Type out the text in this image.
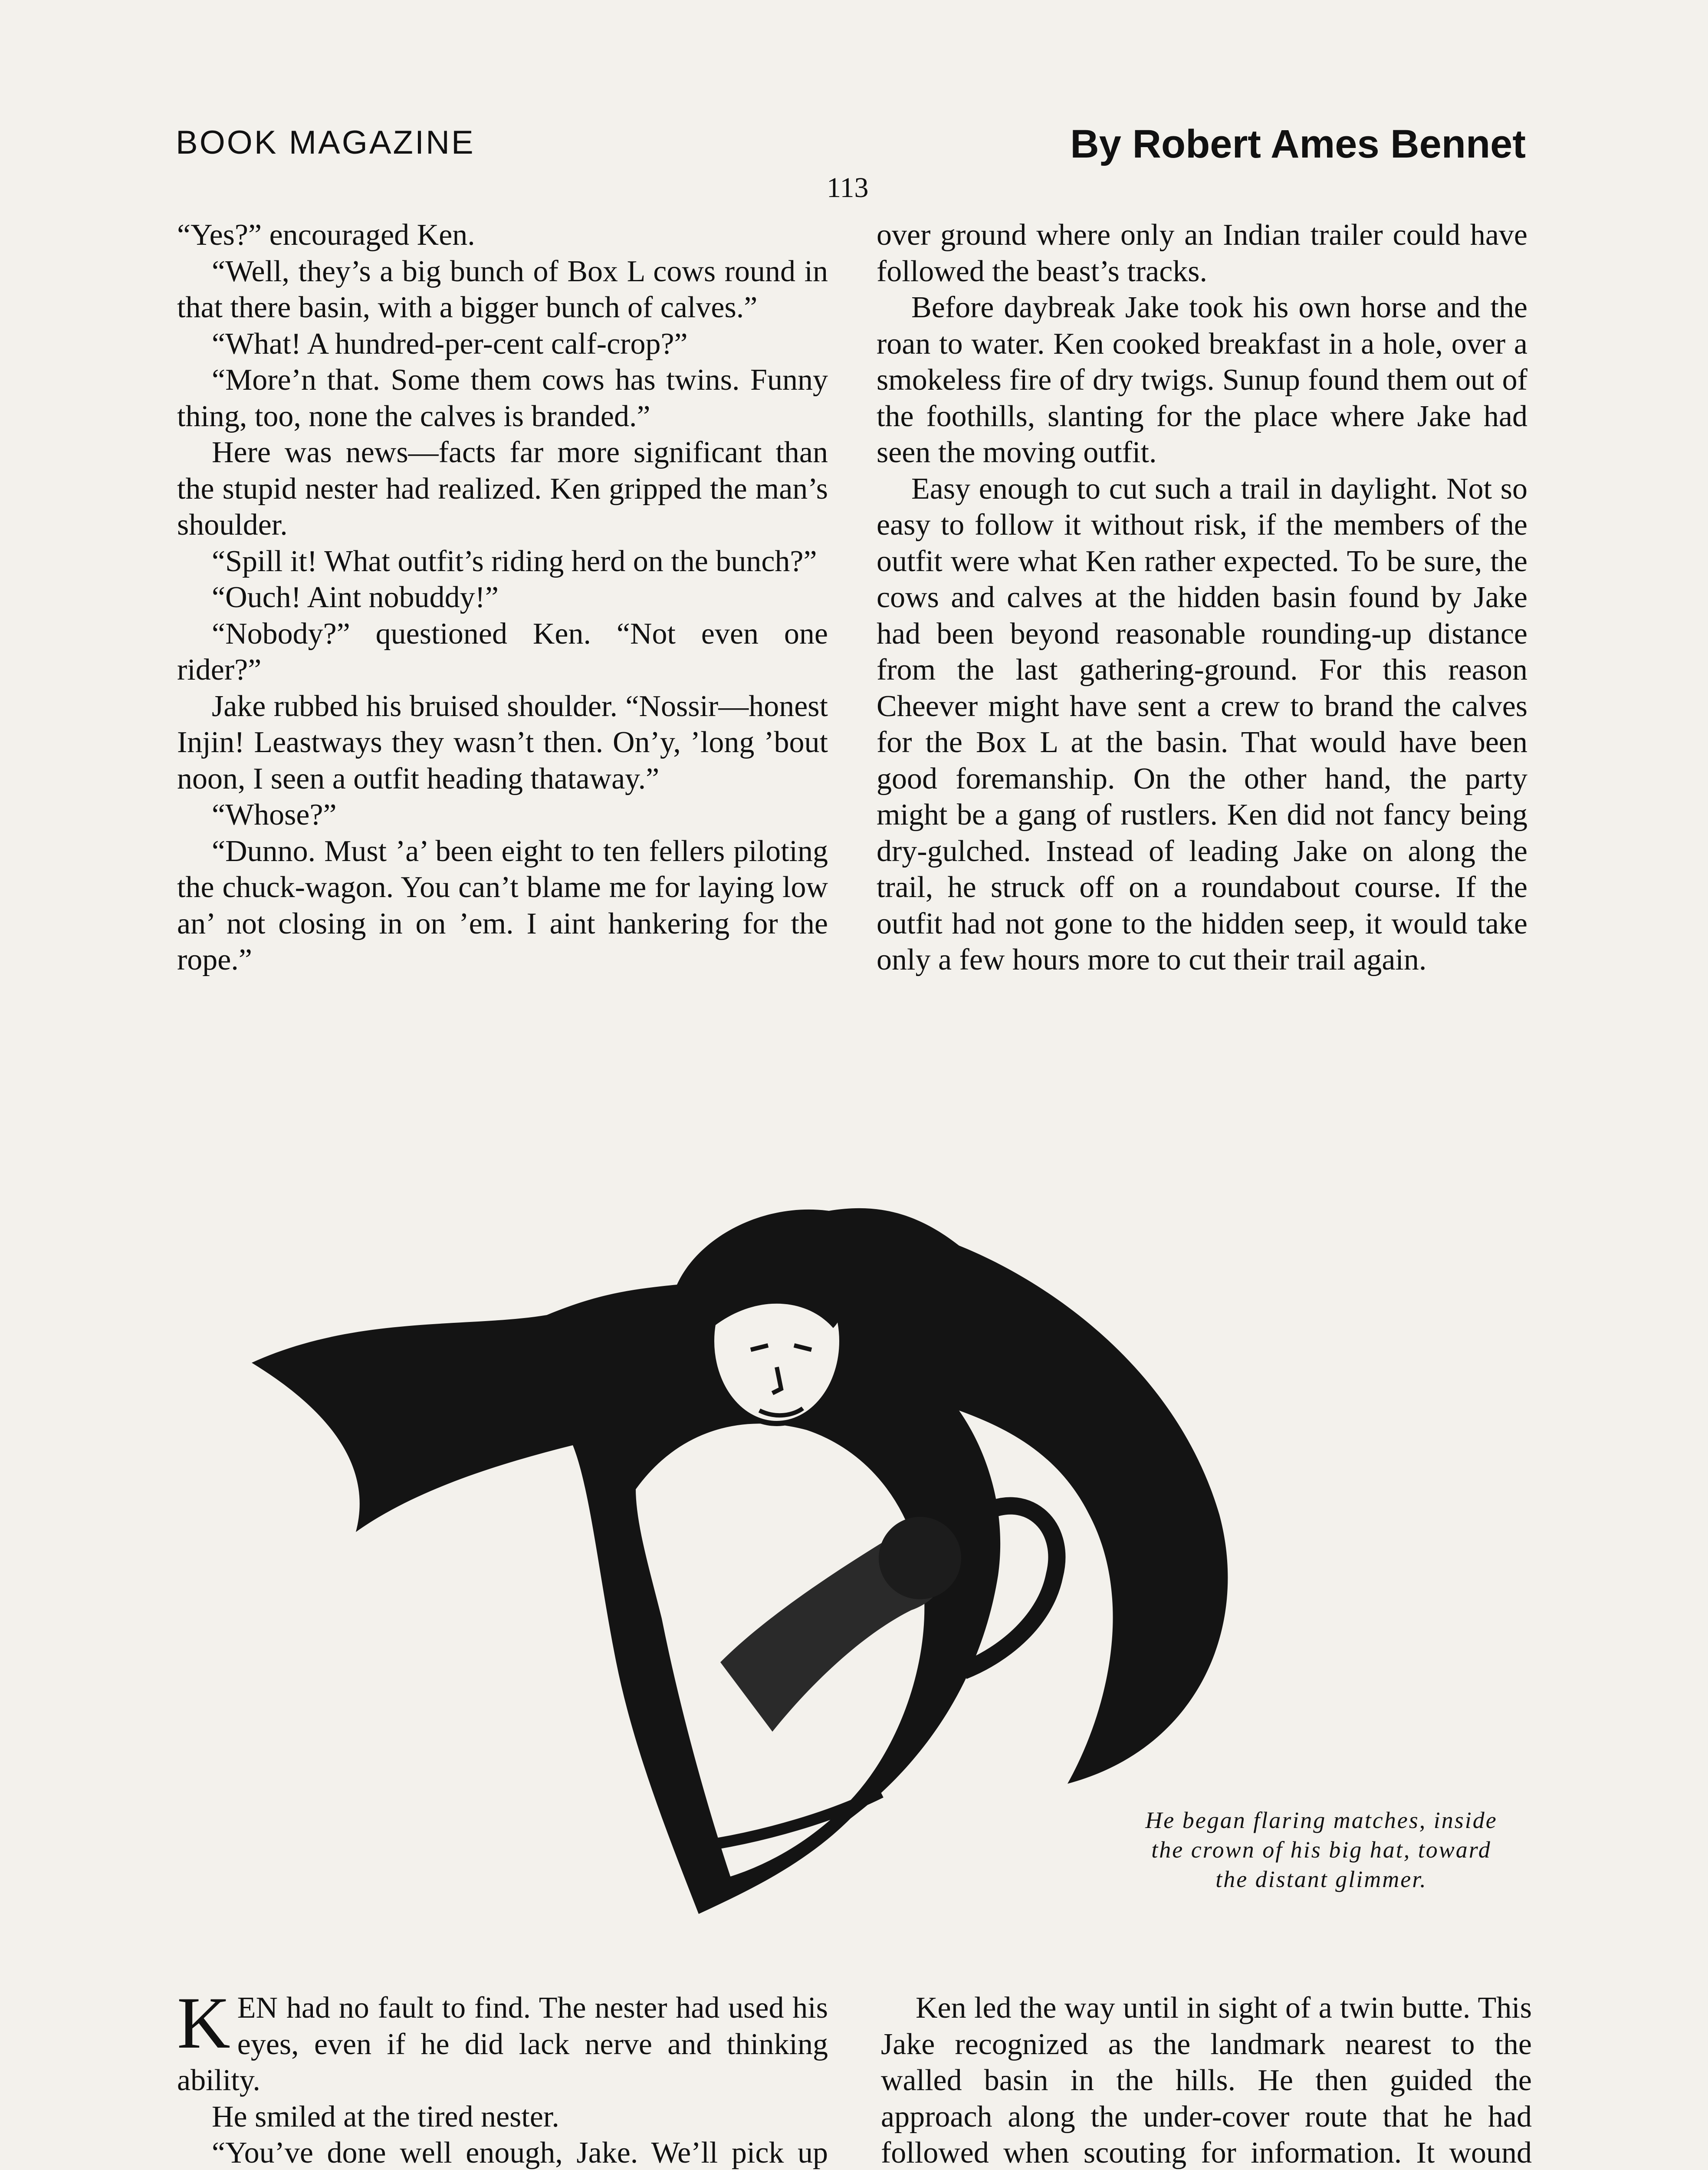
BOOK MAGAZINE	By Robert Ames Bennet
113

“Yes?” encouraged Ken.

“Well, they’s a big bunch of Box L cows round in that there basin, with a bigger bunch of calves.”

“What! A hundred-per-cent calf-crop?”

“More’n that. Some them cows has twins. Funny thing, too, none the calves is branded.”

Here was news—facts far more significant than the stupid nester had realized. Ken gripped the man’s shoulder.

“Spill it! What outfit’s riding herd on the bunch?”

“Ouch! Aint nobuddy!”

“Nobody?” questioned Ken. “Not even one rider?”

Jake rubbed his bruised shoulder. “Nossir—honest Injin! Leastways they wasn’t then. On’y, ’long ’bout noon, I seen a outfit heading thataway.”

“Whose?”

“Dunno. Must ’a’ been eight to ten fellers piloting the chuck-wagon. You can’t blame me for laying low an’ not closing in on ’em. I aint hankering for the rope.”

over ground where only an Indian trailer could have followed the beast’s tracks.

Before daybreak Jake took his own horse and the roan to water. Ken cooked breakfast in a hole, over a smokeless fire of dry twigs. Sunup found them out of the foothills, slanting for the place where Jake had seen the moving outfit.

Easy enough to cut such a trail in daylight. Not so easy to follow it without risk, if the members of the outfit were what Ken rather expected. To be sure, the cows and calves at the hidden basin found by Jake had been beyond reasonable rounding-up distance from the last gathering-ground. For this reason Cheever might have sent a crew to brand the calves for the Box L at the basin. That would have been good foremanship. On the other hand, the party might be a gang of rustlers. Ken did not fancy being dry-gulched. Instead of leading Jake on along the trail, he struck off on a roundabout course. If the outfit had not gone to the hidden seep, it would take only a few hours more to cut their trail again.

He began flaring matches, inside the crown of his big hat, toward the distant glimmer.

KEN had no fault to find. The nester had used his eyes, even if he did lack nerve and thinking ability.

He smiled at the tired nester.

“You’ve done well enough, Jake. We’ll pick up

Ken led the way until in sight of a twin butte. This Jake recognized as the landmark nearest to the walled basin in the hills. He then guided the approach along the under-cover route that he had followed when scouting for information. It wound
